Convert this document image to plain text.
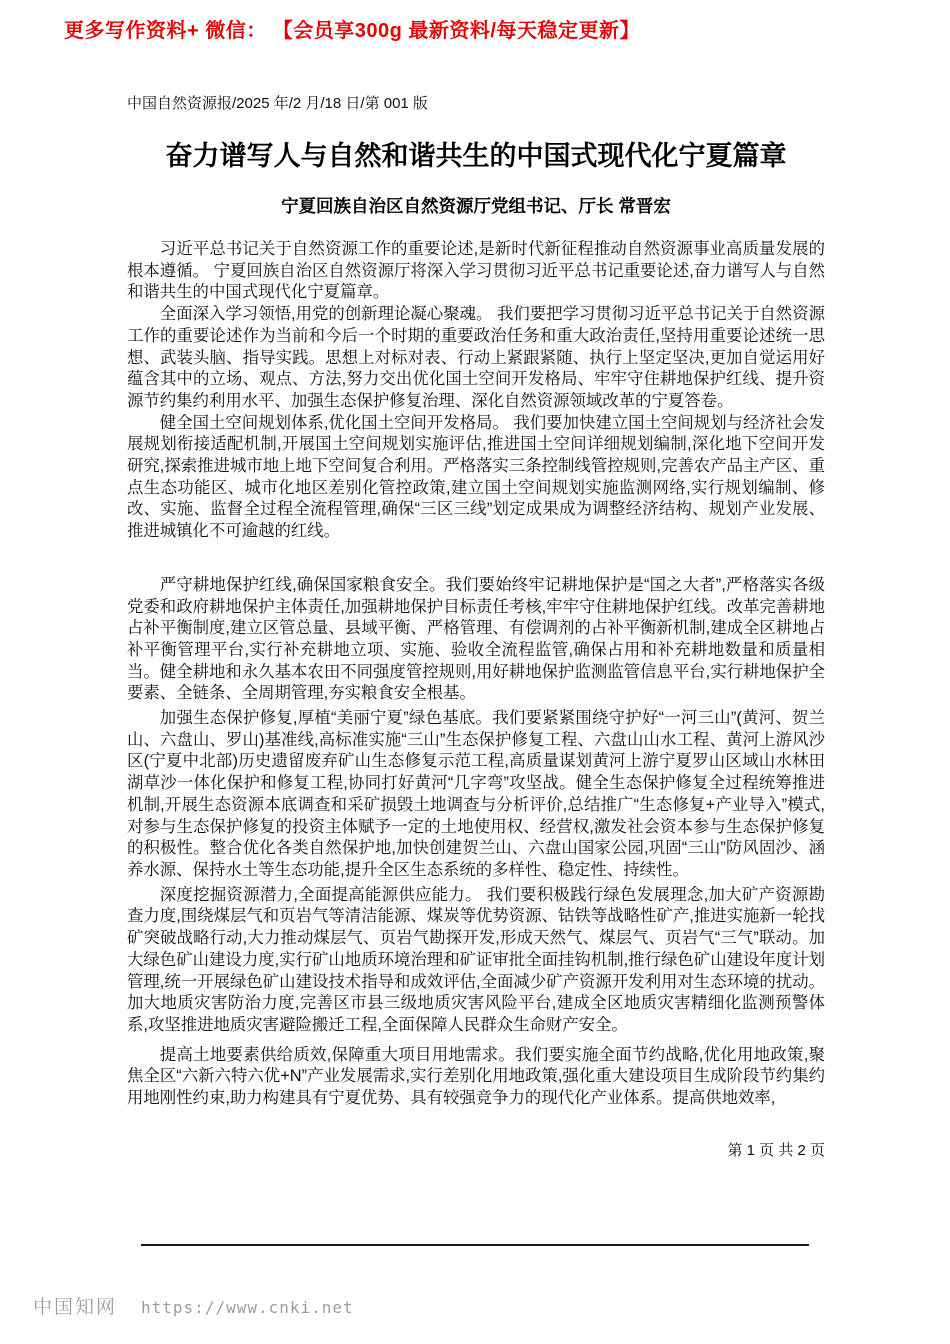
更多写作资料+ 微信： 【会员享300g 最新资料/每天稳定更新】
中国自然资源报/2025 年/2 月/18 日/第 001 版
奋力谱写人与自然和谐共生的中国式现代化宁夏篇章
宁夏回族自治区自然资源厅党组书记、厅长 常晋宏

习近平总书记关于自然资源工作的重要论述,是新时代新征程推动自然资源事业高质量发展的根本遵循。 宁夏回族自治区自然资源厅将深入学习贯彻习近平总书记重要论述,奋力谱写人与自然和谐共生的中国式现代化宁夏篇章。

全面深入学习领悟,用党的创新理论凝心聚魂。 我们要把学习贯彻习近平总书记关于自然资源工作的重要论述作为当前和今后一个时期的重要政治任务和重大政治责任,坚持用重要论述统一思想、武装头脑、指导实践。思想上对标对表、行动上紧跟紧随、执行上坚定坚决,更加自觉运用好蕴含其中的立场、观点、方法,努力交出优化国土空间开发格局、牢牢守住耕地保护红线、提升资源节约集约利用水平、加强生态保护修复治理、深化自然资源领域改革的宁夏答卷。

健全国土空间规划体系,优化国土空间开发格局。 我们要加快建立国土空间规划与经济社会发展规划衔接适配机制,开展国土空间规划实施评估,推进国土空间详细规划编制,深化地下空间开发研究,探索推进城市地上地下空间复合利用。严格落实三条控制线管控规则,完善农产品主产区、重点生态功能区、城市化地区差别化管控政策,建立国土空间规划实施监测网络,实行规划编制、修改、实施、监督全过程全流程管理,确保“三区三线”划定成果成为调整经济结构、规划产业发展、推进城镇化不可逾越的红线。

严守耕地保护红线,确保国家粮食安全。我们要始终牢记耕地保护是“国之大者”,严格落实各级党委和政府耕地保护主体责任,加强耕地保护目标责任考核,牢牢守住耕地保护红线。改革完善耕地占补平衡制度,建立区管总量、县域平衡、严格管理、有偿调剂的占补平衡新机制,建成全区耕地占补平衡管理平台,实行补充耕地立项、实施、验收全流程监管,确保占用和补充耕地数量和质量相当。健全耕地和永久基本农田不同强度管控规则,用好耕地保护监测监管信息平台,实行耕地保护全要素、全链条、全周期管理,夯实粮食安全根基。

加强生态保护修复,厚植“美丽宁夏”绿色基底。我们要紧紧围绕守护好“一河三山”(黄河、贺兰山、六盘山、罗山)基准线,高标准实施“三山”生态保护修复工程、六盘山山水工程、黄河上游风沙区(宁夏中北部)历史遗留废弃矿山生态修复示范工程,高质量谋划黄河上游宁夏罗山区域山水林田湖草沙一体化保护和修复工程,协同打好黄河“几字弯”攻坚战。健全生态保护修复全过程统筹推进机制,开展生态资源本底调查和采矿损毁土地调查与分析评价,总结推广“生态修复+产业导入”模式,对参与生态保护修复的投资主体赋予一定的土地使用权、经营权,激发社会资本参与生态保护修复的积极性。整合优化各类自然保护地,加快创建贺兰山、六盘山国家公园,巩固“三山”防风固沙、涵养水源、保持水土等生态功能,提升全区生态系统的多样性、稳定性、持续性。

深度挖掘资源潜力,全面提高能源供应能力。 我们要积极践行绿色发展理念,加大矿产资源勘查力度,围绕煤层气和页岩气等清洁能源、煤炭等优势资源、钴铁等战略性矿产,推进实施新一轮找矿突破战略行动,大力推动煤层气、页岩气勘探开发,形成天然气、煤层气、页岩气“三气”联动。加大绿色矿山建设力度,实行矿山地质环境治理和矿证审批全面挂钩机制,推行绿色矿山建设年度计划管理,统一开展绿色矿山建设技术指导和成效评估,全面减少矿产资源开发利用对生态环境的扰动。加大地质灾害防治力度,完善区市县三级地质灾害风险平台,建成全区地质灾害精细化监测预警体系,攻坚推进地质灾害避险搬迁工程,全面保障人民群众生命财产安全。

提高土地要素供给质效,保障重大项目用地需求。我们要实施全面节约战略,优化用地政策,聚焦全区“六新六特六优+N”产业发展需求,实行差别化用地政策,强化重大建设项目生成阶段节约集约用地刚性约束,助力构建具有宁夏优势、具有较强竞争力的现代化产业体系。提高供地效率,

第 1 页 共 2 页
中国知网 https://www.cnki.net
